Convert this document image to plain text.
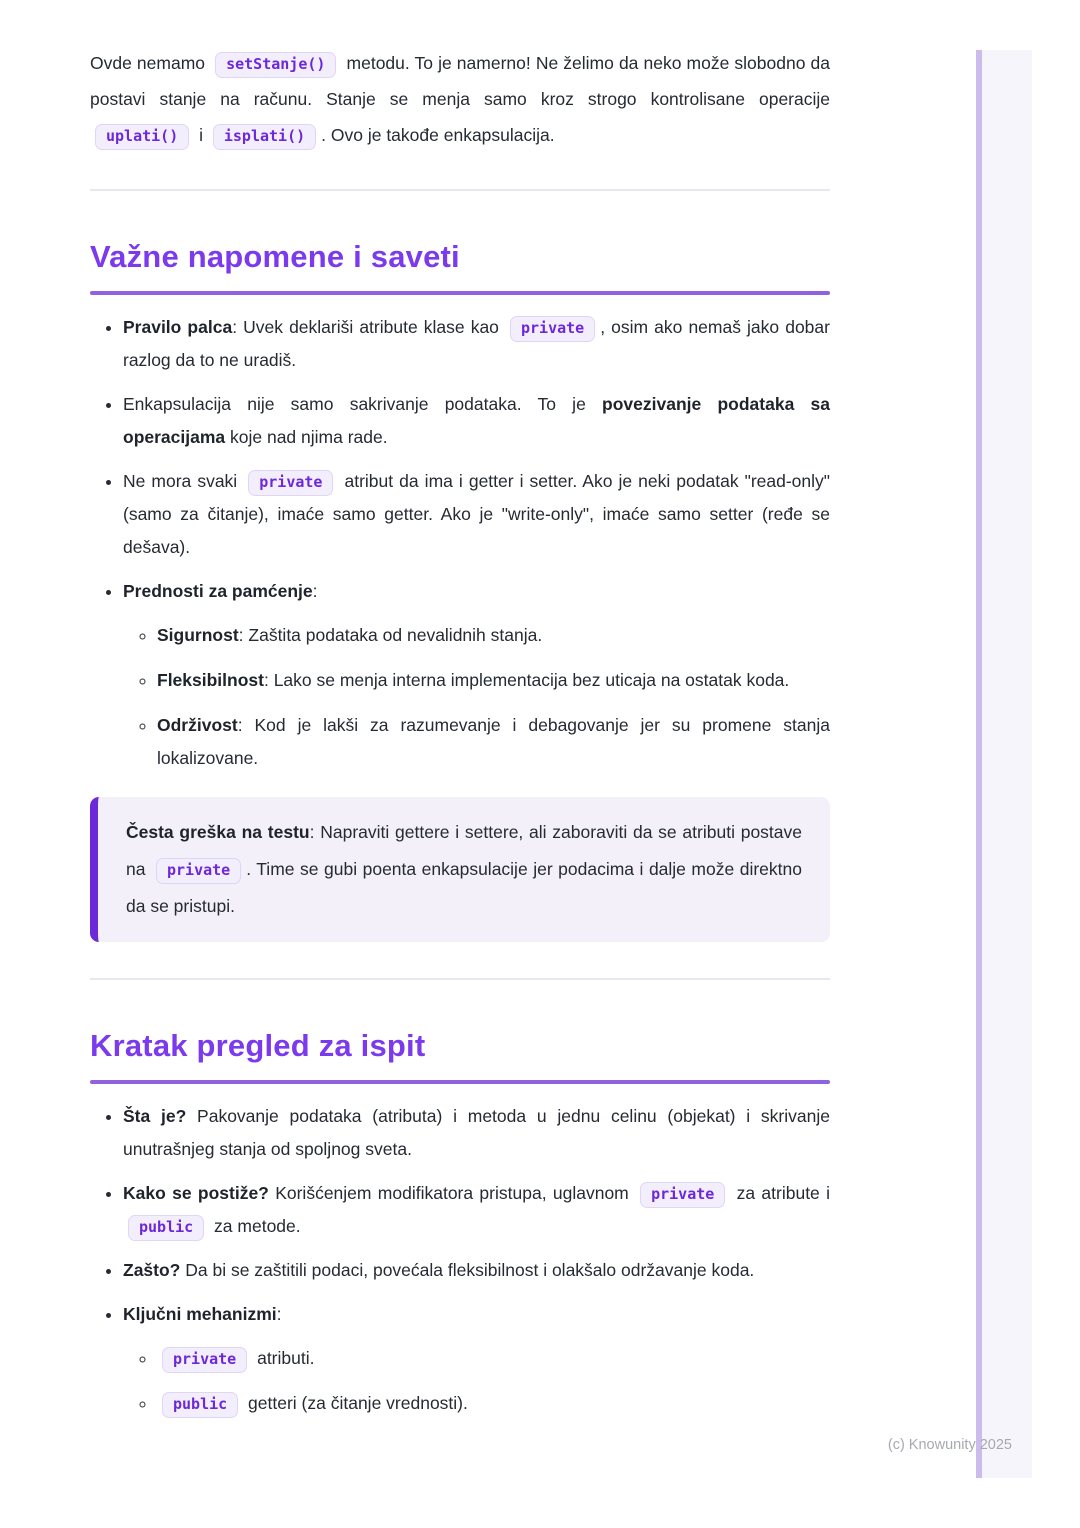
Ovde nemamo setStanje() metodu. To je namerno! Ne želimo da neko može slobodno da postavi stanje na računu. Stanje se menja samo kroz strogo kontrolisane operacije uplati() i isplati() . Ovo je takođe enkapsulacija.

Važne napomene i saveti
• Pravilo palca: Uvek deklariši atribute klase kao private , osim ako nemaš jako dobar razlog da to ne uradiš.
• Enkapsulacija nije samo sakrivanje podataka. To je povezivanje podataka sa operacijama koje nad njima rade.
• Ne mora svaki private atribut da ima i getter i setter. Ako je neki podatak "read-only" (samo za čitanje), imaće samo getter. Ako je "write-only", imaće samo setter (ređe se dešava).
• Prednosti za pamćenje:
◦ Sigurnost: Zaštita podataka od nevalidnih stanja.
◦ Fleksibilnost: Lako se menja interna implementacija bez uticaja na ostatak koda.
◦ Održivost: Kod je lakši za razumevanje i debagovanje jer su promene stanja lokalizovane.

Česta greška na testu: Napraviti gettere i settere, ali zaboraviti da se atributi postave na private . Time se gubi poenta enkapsulacije jer podacima i dalje može direktno da se pristupi.

Kratak pregled za ispit
• Šta je? Pakovanje podataka (atributa) i metoda u jednu celinu (objekat) i skrivanje unutrašnjeg stanja od spoljnog sveta.
• Kako se postiže? Korišćenjem modifikatora pristupa, uglavnom private za atribute i public za metode.
• Zašto? Da bi se zaštitili podaci, povećala fleksibilnost i olakšalo održavanje koda.
• Ključni mehanizmi:
◦ private atributi.
◦ public getteri (za čitanje vrednosti).
(c) Knowunity 2025
